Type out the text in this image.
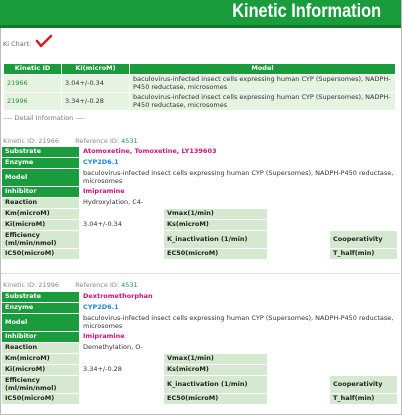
Kinetic Information
Ki Chart:
Kinetic ID	Ki(microM)	Model
21966	3.04+/-0.34	baculovirus-infected insect cells expressing human CYP (Supersomes), NADPH-P450 reductase, microsomes
21996	3.34+/-0.28	baculovirus-infected insect cells expressing human CYP (Supersomes), NADPH-P450 reductase, microsomes
---- Detail Information ----
Kinetic ID: 21966 Reference ID: 4531
Substrate	Atomoxetine, Tomoxetine, LY139603			
Enzyme	CYP2D6.1			
Model	baculovirus-infected insect cells expressing human CYP (Supersomes), NADPH-P450 reductase, microsomes			
Inhibitor	Imipramine			
Reaction	Hydroxylation, C4-			
Km(microM)		Vmax(1/min)		
Ki(microM)	3.04+/-0.34	Ks(microM)		
Efficiency (ml/min/nmol)		K_inactivation (1/min)		Cooperativity
IC50(microM)		EC50(microM)		T_half(min)
Kinetic ID: 21996 Reference ID: 4531
Substrate	Dextromethorphan			
Enzyme	CYP2D6.1			
Model	baculovirus-infected insect cells expressing human CYP (Supersomes), NADPH-P450 reductase, microsomes			
Inhibitor	Imipramine			
Reaction	Demethylation, O-			
Km(microM)		Vmax(1/min)		
Ki(microM)	3.34+/-0.28	Ks(microM)		
Efficiency (ml/min/nmol)		K_inactivation (1/min)		Cooperativity
IC50(microM)		EC50(microM)		T_half(min)
